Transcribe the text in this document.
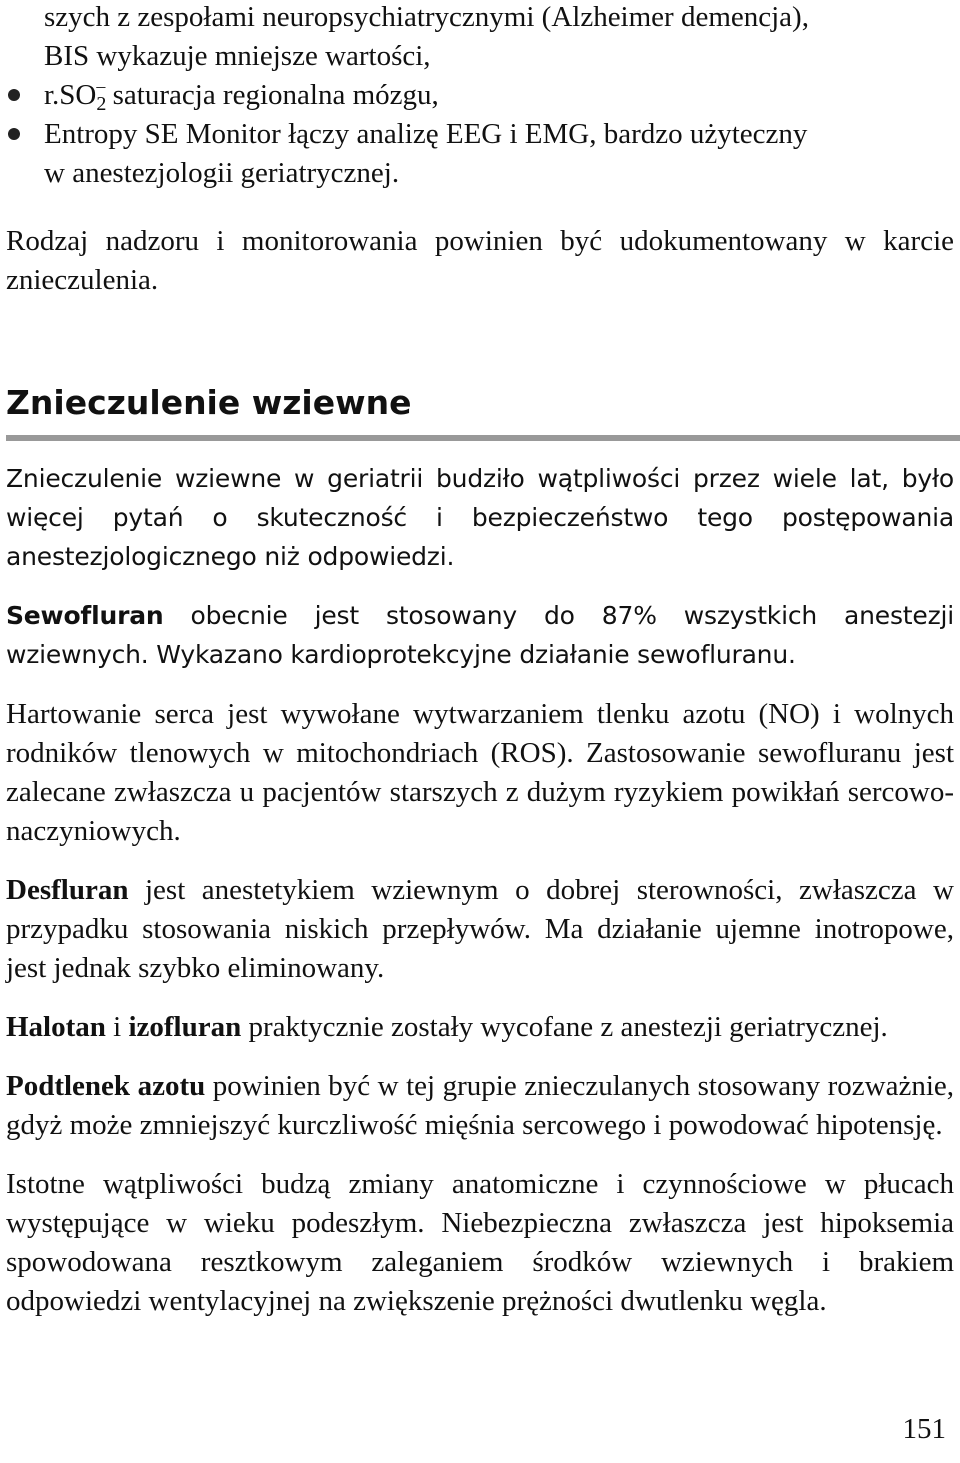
szych z zespołami neuropsychiatrycznymi (Alzheimer demencja),

BIS wykazuje mniejsze wartości,

$r.SO_2^-$ saturacja regionalna mózgu,
Entropy SE Monitor łączy analizę EEG i EMG, bardzo użyteczny
w anestezjologii geriatrycznej.

Rodzaj nadzoru i monitorowania powinien być udokumentowany w karcie znieczulenia.

Znieczulenie wziewne

Znieczulenie wziewne w geriatrii budziło wątpliwości przez wiele lat, było więcej pytań o skuteczność i bezpieczeństwo tego postępowania anestezjologicznego niż odpowiedzi.

Sewofluran obecnie jest stosowany do 87% wszystkich anestezji wziewnych. Wykazano kardioprotekcyjne działanie sewofluranu.

Hartowanie serca jest wywołane wytwarzaniem tlenku azotu (NO) i wolnych rodników tlenowych w mitochondriach (ROS). Zastosowanie sewofluranu jest zalecane zwłaszcza u pacjentów starszych z dużym ryzykiem powikłań sercowo-naczyniowych.

Desfluran jest anestetykiem wziewnym o dobrej sterowności, zwłaszcza w przypadku stosowania niskich przepływów. Ma działanie ujemne inotropowe, jest jednak szybko eliminowany.

Halotan i izofluran praktycznie zostały wycofane z anestezji geriatrycznej.

Podtlenek azotu powinien być w tej grupie znieczulanych stosowany rozważnie, gdyż może zmniejszyć kurczliwość mięśnia sercowego i powodować hipotensję.

Istotne wątpliwości budzą zmiany anatomiczne i czynnościowe w płucach występujące w wieku podeszłym. Niebezpieczna zwłaszcza jest hipoksemia spowodowana resztkowym zaleganiem środków wziewnych i brakiem odpowiedzi wentylacyjnej na zwiększenie prężności dwutlenku węgla.

151
